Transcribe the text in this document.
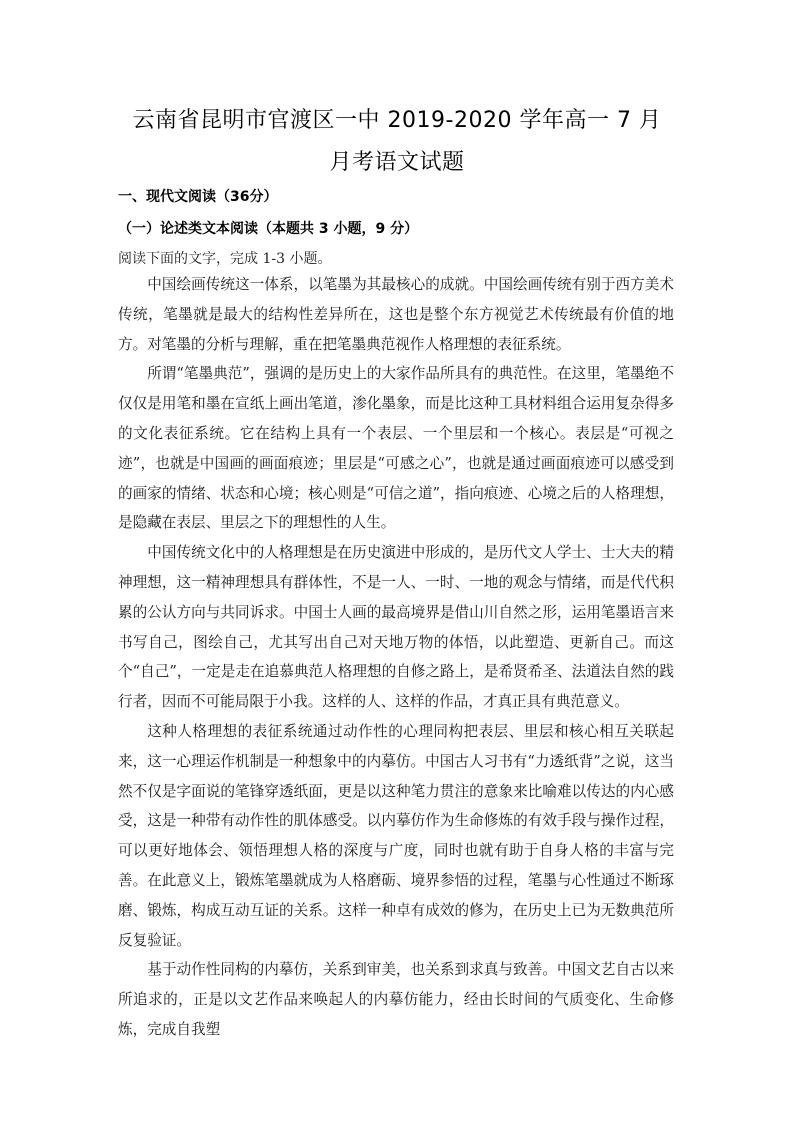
云南省昆明市官渡区一中 2019-2020 学年高一 7 月
月考语文试题
一、现代文阅读（36分）
（一）论述类文本阅读（本题共 3 小题，9 分）
阅读下面的文字，完成 1-3 小题。

中国绘画传统这一体系，以笔墨为其最核心的成就。中国绘画传统有别于西方美术传统，笔墨就是最大的结构性差异所在，这也是整个东方视觉艺术传统最有价值的地方。对笔墨的分析与理解，重在把笔墨典范视作人格理想的表征系统。

所谓“笔墨典范”，强调的是历史上的大家作品所具有的典范性。在这里，笔墨绝不仅仅是用笔和墨在宣纸上画出笔道，渗化墨象，而是比这种工具材料组合运用复杂得多的文化表征系统。它在结构上具有一个表层、一个里层和一个核心。表层是“可视之迹”，也就是中国画的画面痕迹；里层是“可感之心”，也就是通过画面痕迹可以感受到的画家的情绪、状态和心境；核心则是“可信之道”，指向痕迹、心境之后的人格理想，是隐藏在表层、里层之下的理想性的人生。

中国传统文化中的人格理想是在历史演进中形成的，是历代文人学士、士大夫的精神理想，这一精神理想具有群体性，不是一人、一时、一地的观念与情绪，而是代代积累的公认方向与共同诉求。中国士人画的最高境界是借山川自然之形，运用笔墨语言来书写自己，图绘自己，尤其写出自己对天地万物的体悟，以此塑造、更新自己。而这个“自己”，一定是走在追慕典范人格理想的自修之路上，是希贤希圣、法道法自然的践行者，因而不可能局限于小我。这样的人、这样的作品，才真正具有典范意义。

这种人格理想的表征系统通过动作性的心理同构把表层、里层和核心相互关联起来，这一心理运作机制是一种想象中的内摹仿。中国古人习书有“力透纸背”之说，这当然不仅是字面说的笔锋穿透纸面，更是以这种笔力贯注的意象来比喻难以传达的内心感受，这是一种带有动作性的肌体感受。以内摹仿作为生命修炼的有效手段与操作过程，可以更好地体会、领悟理想人格的深度与广度，同时也就有助于自身人格的丰富与完善。在此意义上，锻炼笔墨就成为人格磨砺、境界参悟的过程，笔墨与心性通过不断琢磨、锻炼，构成互动互证的关系。这样一种卓有成效的修为，在历史上已为无数典范所反复验证。

基于动作性同构的内摹仿，关系到审美，也关系到求真与致善。中国文艺自古以来所追求的，正是以文艺作品来唤起人的内摹仿能力，经由长时间的气质变化、生命修炼，完成自我塑
